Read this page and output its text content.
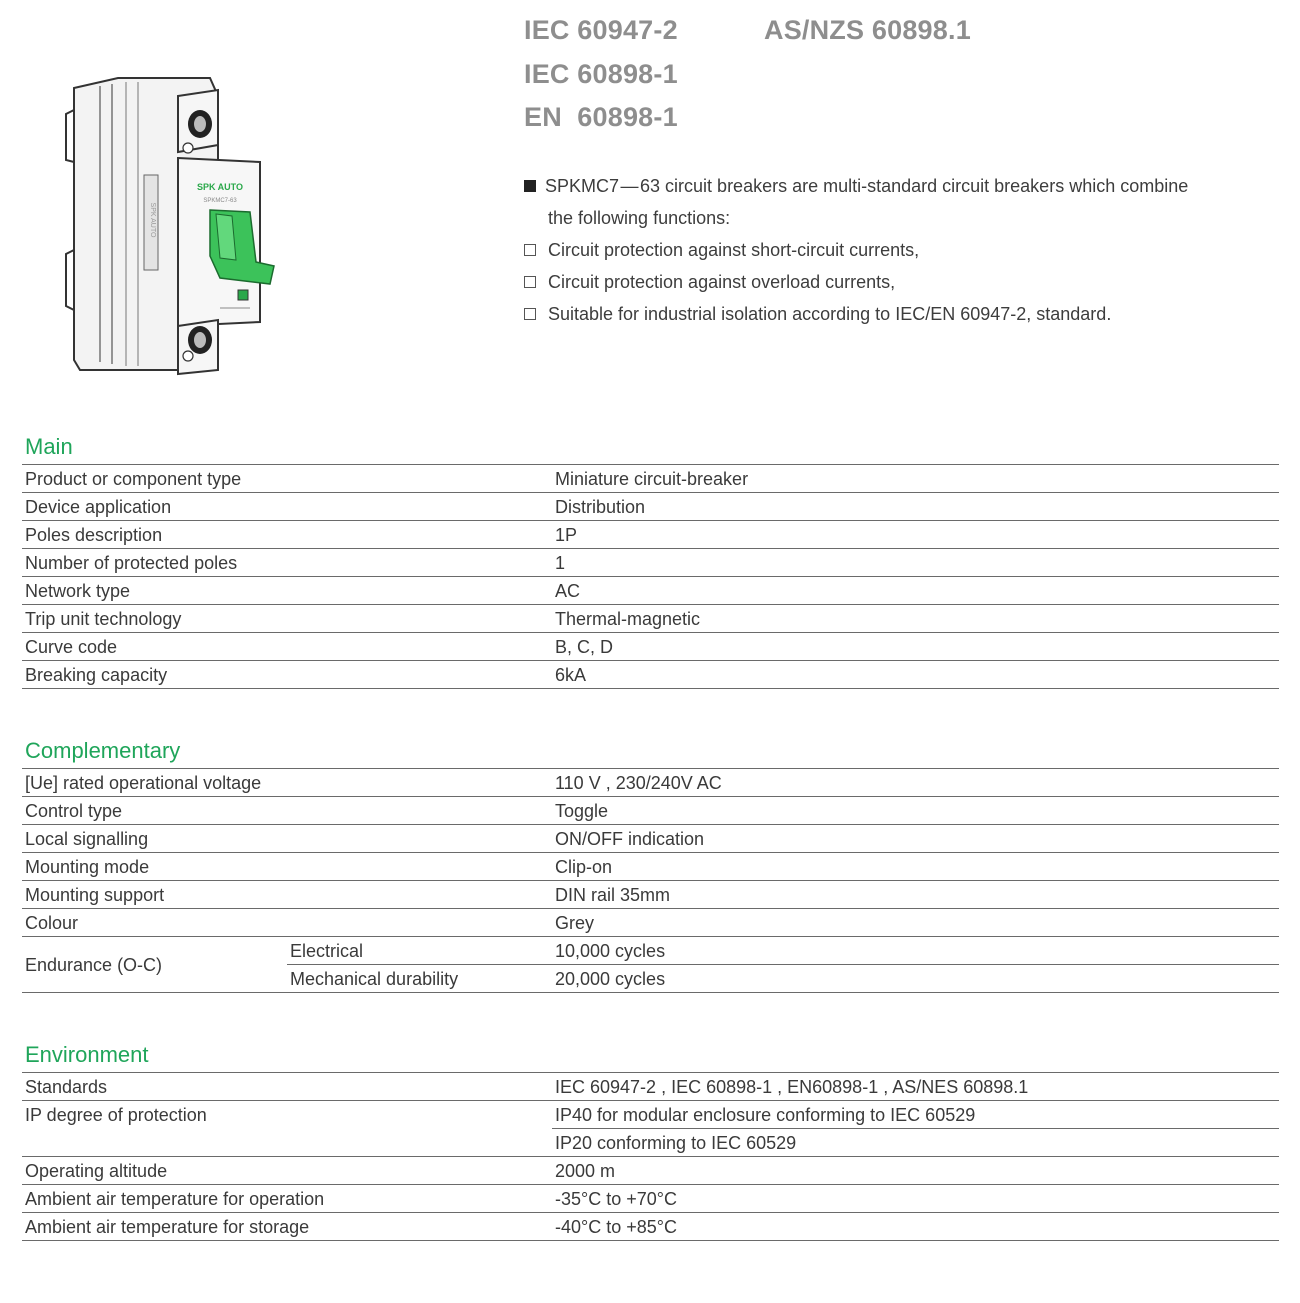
SPK AUTO
SPK AUTO
SPKMC7-63
IEC 60947-2	AS/NZS 60898.1
IEC 60898-1
EN  60898-1
SPKMC7 — 63 circuit breakers are multi-standard circuit breakers which combine
the following functions:
Circuit protection against short-circuit currents,
Circuit protection against overload currents,
Suitable for industrial isolation according to IEC/EN 60947-2, standard.
Main
Product or component type	Miniature circuit-breaker
Device application	Distribution
Poles description	1P
Number of protected poles	1
Network type	AC
Trip unit technology	Thermal-magnetic
Curve code	B, C, D
Breaking capacity	6kA
Complementary
[Ue] rated operational voltage	110 V , 230/240V AC
Control type	Toggle
Local signalling	ON/OFF indication
Mounting mode	Clip-on
Mounting support	DIN rail 35mm
Colour	Grey
Endurance (O-C)
Electrical	10,000 cycles
Mechanical durability	20,000 cycles
Environment
Standards	IEC 60947-2 , IEC 60898-1 , EN60898-1 , AS/NES 60898.1
IP degree of protection	IP40 for modular enclosure conforming to IEC 60529
IP20 conforming to IEC 60529
Operating altitude	2000 m
Ambient air temperature for operation	-35°C to +70°C
Ambient air temperature for storage	-40°C to +85°C
